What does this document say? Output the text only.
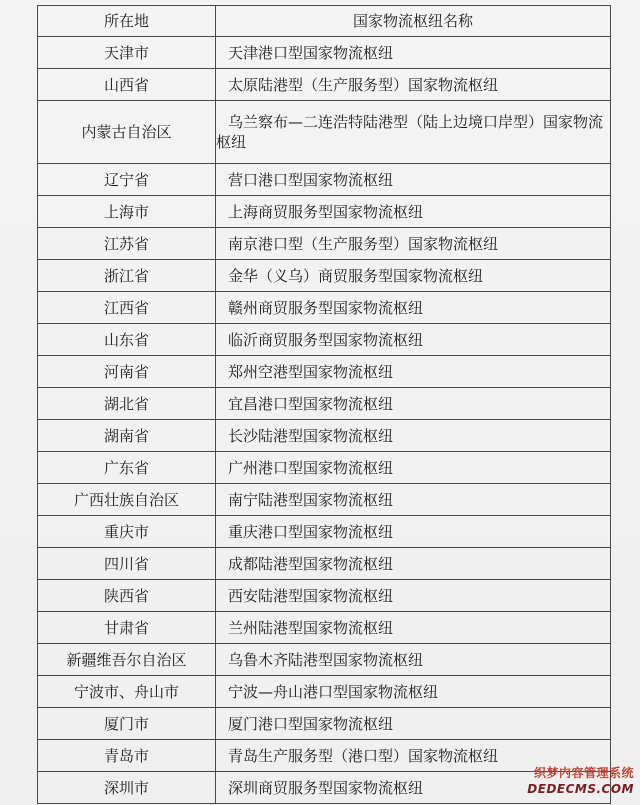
所在地	国家物流枢纽名称
天津市	天津港口型国家物流枢纽
山西省	太原陆港型（生产服务型）国家物流枢纽
内蒙古自治区	乌兰察布—二连浩特陆港型（陆上边境口岸型）国家物流枢纽
辽宁省	营口港口型国家物流枢纽
上海市	上海商贸服务型国家物流枢纽
江苏省	南京港口型（生产服务型）国家物流枢纽
浙江省	金华（义乌）商贸服务型国家物流枢纽
江西省	赣州商贸服务型国家物流枢纽
山东省	临沂商贸服务型国家物流枢纽
河南省	郑州空港型国家物流枢纽
湖北省	宜昌港口型国家物流枢纽
湖南省	长沙陆港型国家物流枢纽
广东省	广州港口型国家物流枢纽
广西壮族自治区	南宁陆港型国家物流枢纽
重庆市	重庆港口型国家物流枢纽
四川省	成都陆港型国家物流枢纽
陕西省	西安陆港型国家物流枢纽
甘肃省	兰州陆港型国家物流枢纽
新疆维吾尔自治区	乌鲁木齐陆港型国家物流枢纽
宁波市、舟山市	宁波—舟山港口型国家物流枢纽
厦门市	厦门港口型国家物流枢纽
青岛市	青岛生产服务型（港口型）国家物流枢纽
深圳市	深圳商贸服务型国家物流枢纽
织梦内容管理系统
DEDECMS.COM
